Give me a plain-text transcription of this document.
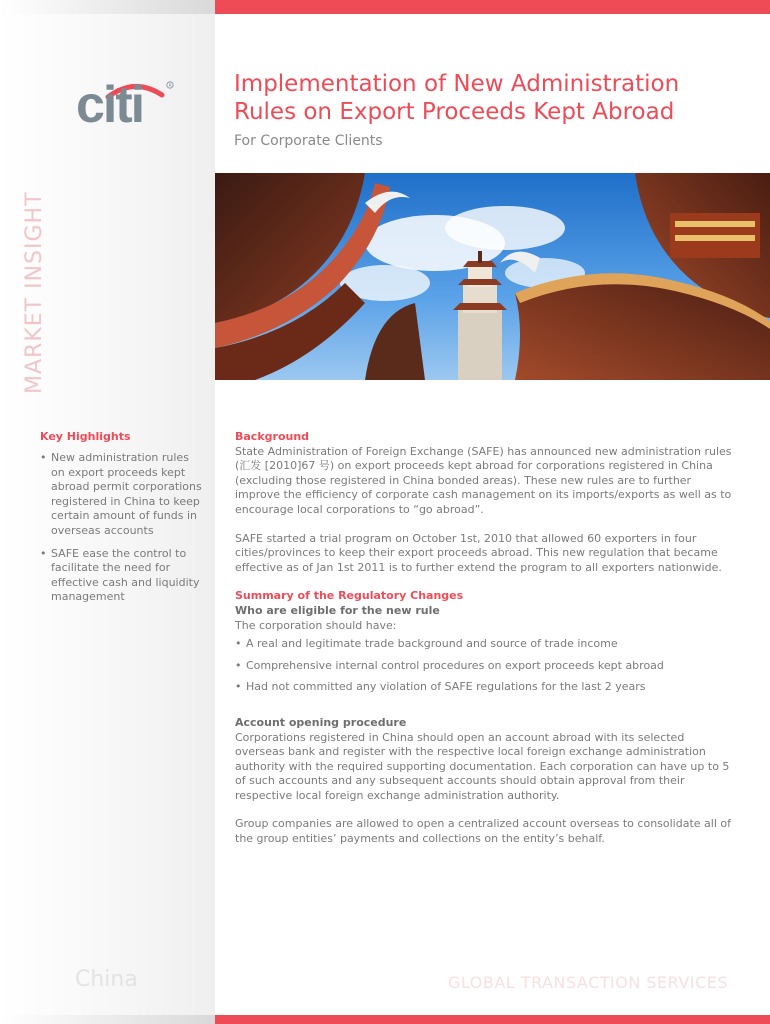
R
citi	Implementation of New Administration
Rules on Export Proceeds Kept Abroad
For Corporate Clients
MARKET INSIGHT
Key Highlights
• New administration rules on export proceeds kept abroad permit corporations registered in China to keep certain amount of funds in overseas accounts
• SAFE ease the control to facilitate the need for effective cash and liquidity management
Background

State Administration of Foreign Exchange (SAFE) has announced new administration rules (汇发 [2010]67 号) on export proceeds kept abroad for corporations registered in China (excluding those registered in China bonded areas). These new rules are to further improve the efficiency of corporate cash management on its imports/exports as well as to encourage local corporations to “go abroad”.

SAFE started a trial program on October 1st, 2010 that allowed 60 exporters in four cities/provinces to keep their export proceeds abroad. This new regulation that became effective as of Jan 1st 2011 is to further extend the program to all exporters nationwide.

Summary of the Regulatory Changes
Who are eligible for the new rule

The corporation should have:

• A real and legitimate trade background and source of trade income
• Comprehensive internal control procedures on export proceeds kept abroad
• Had not committed any violation of SAFE regulations for the last 2 years
Account opening procedure

Corporations registered in China should open an account abroad with its selected overseas bank and register with the respective local foreign exchange administration authority with the required supporting documentation. Each corporation can have up to 5 of such accounts and any subsequent accounts should obtain approval from their respective local foreign exchange administration authority.

Group companies are allowed to open a centralized account overseas to consolidate all of the group entities’ payments and collections on the entity’s behalf.

China	GLOBAL TRANSACTION SERVICES
